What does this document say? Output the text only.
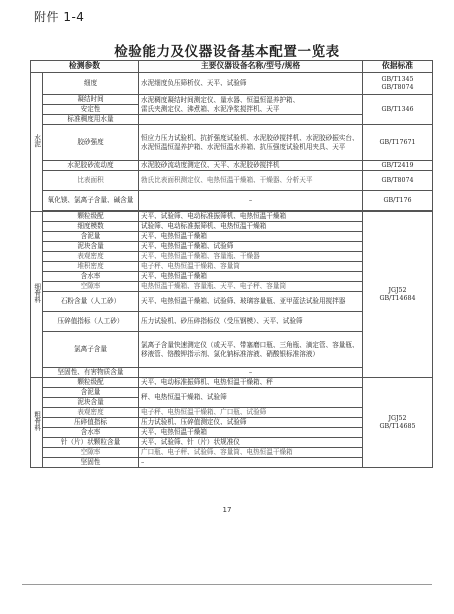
附件 1-4
检验能力及仪器设备基本配置一览表
检测参数		主要仪器设备名称/型号/规格	依据标准
水泥	细度	水泥细度负压筛析仪、天平、试验筛	GB/T1345
GB/T8074
	凝结时间	水泥稠度凝结时间测定仪、量水器、恒温恒湿养护箱、
雷氏夹测定仪、沸煮箱、水泥净浆搅拌机、天平	GB/T1346
	安定性		
	标准稠度用水量		
	胶砂强度	恒应力压力试验机、抗折强度试验机、水泥胶砂搅拌机、水泥胶砂振实台、水泥恒温恒湿养护箱、水泥恒温水养箱、抗压强度试验机用夹具、天平	GB/T17671
	水泥胶砂流动度	水泥胶砂流动度测定仪、天平、水泥胶砂搅拌机	GB/T2419
	比表面积	勃氏比表面积测定仪、电热恒温干燥箱、干燥器、分析天平	GB/T8074
	氧化镁、氯离子含量、碱含量	–	GB/T176

细骨料	颗粒级配	天平、试验筛、电动标准振筛机、电热恒温干燥箱	JGJ52
GB/T14684
	细度模数	试验筛、电动标准振筛机、电热恒温干燥箱	
	含泥量	天平、电热恒温干燥箱	
	泥块含量	天平、电热恒温干燥箱、试验筛	
	表观密度	天平、电热恒温干燥箱、容量瓶、干燥器	
	堆积密度	电子秤、电热恒温干燥箱、容量筒	
	含水率	天平、电热恒温干燥箱	
	空隙率	电热恒温干燥箱、容量瓶、天平、电子秤、容量筒	
	石粉含量（人工砂）	天平、电热恒温干燥箱、试验筛、玻璃容量瓶、亚甲蓝法试验用搅拌器	
	压碎值指标（人工砂）	压力试验机、砂压碎指标仪（受压钢模）、天平、试验筛	
	氯离子含量	氯离子含量快速测定仪（或天平、带塞磨口瓶、三角瓶、滴定管、容量瓶、移液管、铬酸钾指示剂、氯化钠标准溶液、硝酸银标准溶液）	
	坚固性、有害物质含量	–	
粗骨料	颗粒级配	天平、电动标准振筛机、电热恒温干燥箱、秤	JGJ52
GB/T14685
	含泥量	秤、电热恒温干燥箱、试验筛	
	泥块含量		
	表观密度	电子秤、电热恒温干燥箱、广口瓶、试验筛	
	压碎值指标	压力试验机、压碎值测定仪、试验筛	
	含水率	天平、电热恒温干燥箱	
	针（片）状颗粒含量	天平、试验筛、针（片）状规准仪	
	空隙率	广口瓶、电子秤、试验筛、容量筒、电热恒温干燥箱	
	坚固性	–	
17
